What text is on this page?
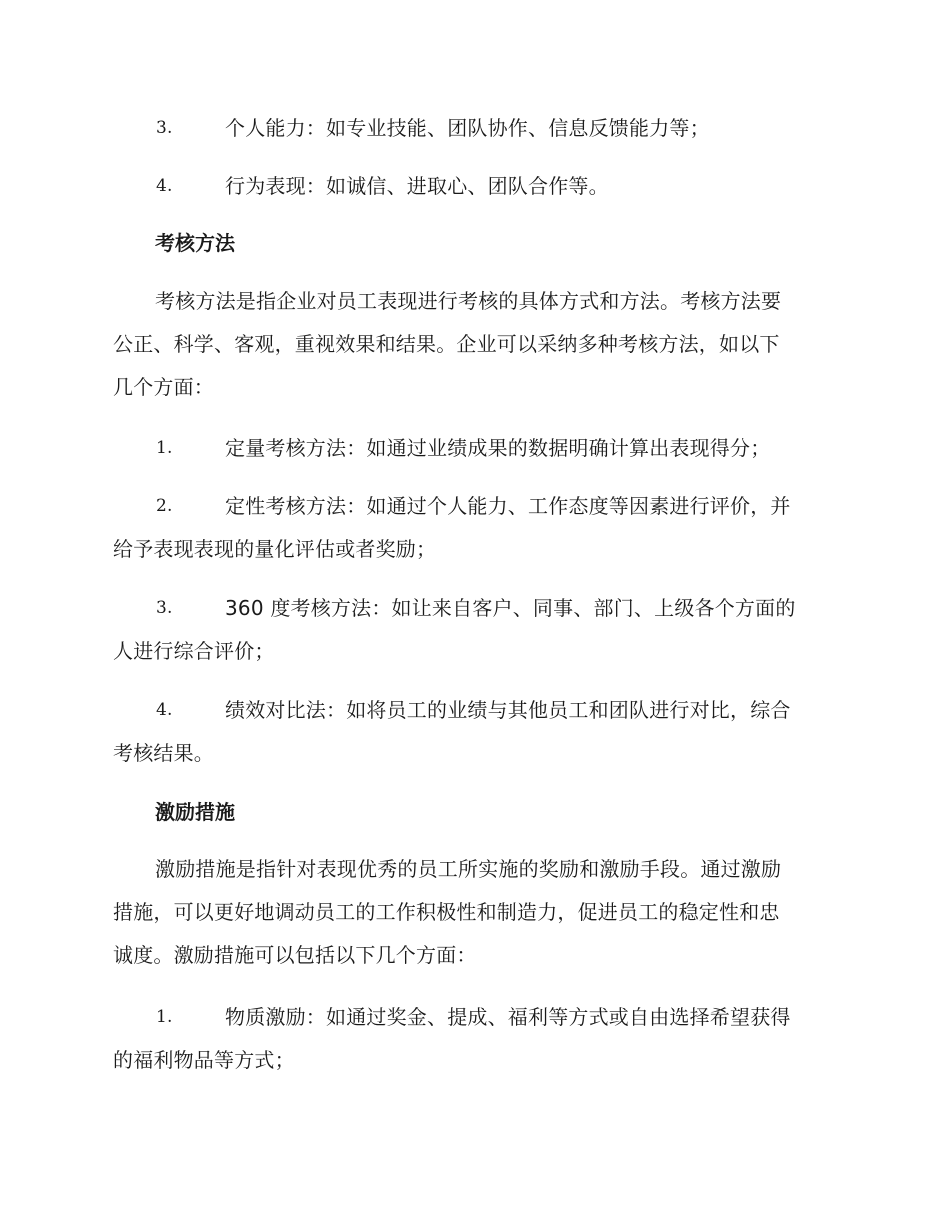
3.	个人能力：如专业技能、团队协作、信息反馈能力等；
4.	行为表现：如诚信、进取心、团队合作等。
考核方法
考核方法是指企业对员工表现进行考核的具体方式和方法。考核方法要
公正、科学、客观，重视效果和结果。企业可以采纳多种考核方法，如以下
几个方面：
1.	定量考核方法：如通过业绩成果的数据明确计算出表现得分；
2.	定性考核方法：如通过个人能力、工作态度等因素进行评价，并
给予表现表现的量化评估或者奖励；
3.	360 度考核方法：如让来自客户、同事、部门、上级各个方面的
人进行综合评价；
4.	绩效对比法：如将员工的业绩与其他员工和团队进行对比，综合
考核结果。
激励措施
激励措施是指针对表现优秀的员工所实施的奖励和激励手段。通过激励
措施，可以更好地调动员工的工作积极性和制造力，促进员工的稳定性和忠
诚度。激励措施可以包括以下几个方面：
1.	物质激励：如通过奖金、提成、福利等方式或自由选择希望获得
的福利物品等方式；
